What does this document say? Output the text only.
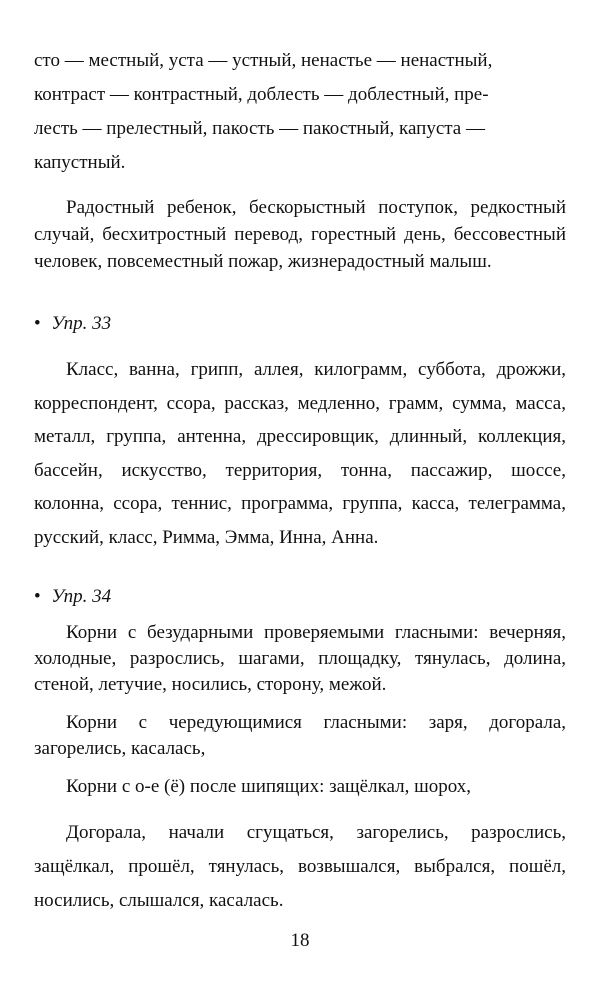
сто — местный, уста — устный, ненастье — ненастный,

контраст — контрастный, доблесть — доблестный, пре-

лесть — прелестный, пакость — пакостный, капуста —

капустный.

Радостный ребенок, бескорыстный поступок, редкостный случай, бесхитростный перевод, горестный день, бессовестный человек, повсеместный пожар, жизнерадостный малыш.

• Упр. 33

Класс, ванна, грипп, аллея, килограмм, суббота, дрожжи, корреспондент, ссора, рассказ, медленно, грамм, сумма, масса, металл, группа, антенна, дрессировщик, длинный, коллекция, бассейн, искусство, территория, тонна, пассажир, шоссе, колонна, ссора, теннис, программа, группа, касса, телеграмма, русский, класс, Римма, Эмма, Инна, Анна.

• Упр. 34

Корни с безударными проверяемыми гласными: вечерняя, холодные, разрослись, шагами, площадку, тянулась, долина, стеной, летучие, носились, сторону, межой.

Корни с чередующимися гласными: заря, догорала, загорелись, касалась,

Корни с о-е (ё) после шипящих: защёлкал, шорох,

Догорала, начали сгущаться, загорелись, разрослись, защёлкал, прошёл, тянулась, возвышался, выбрался, пошёл, носились, слышался, касалась.

18
